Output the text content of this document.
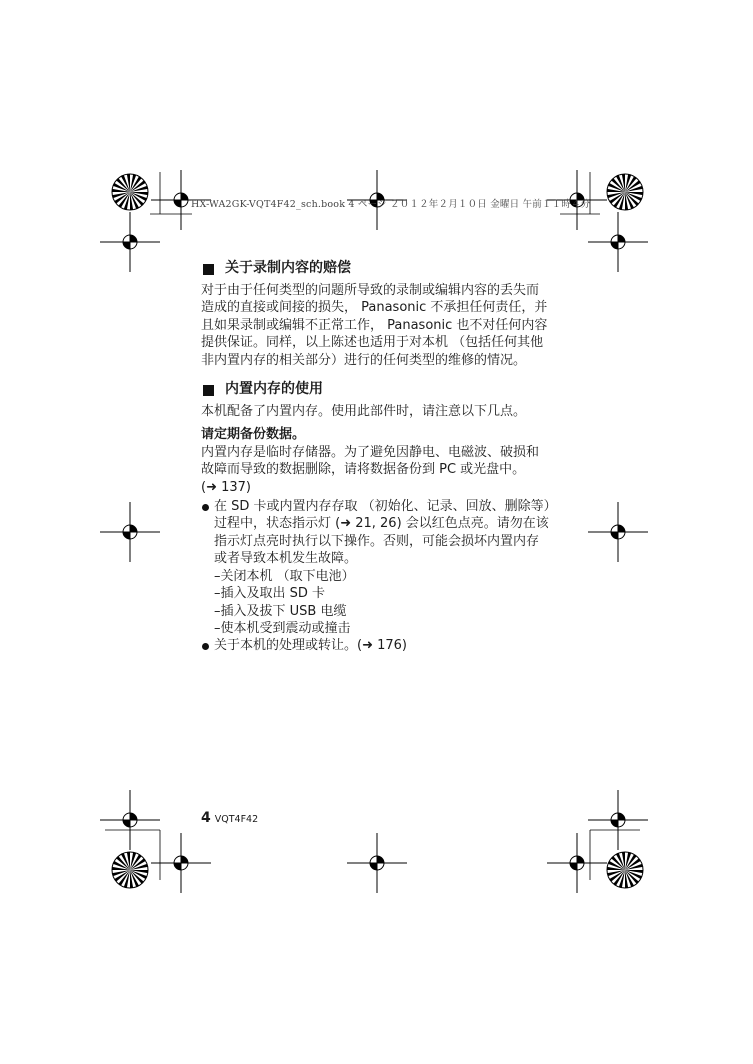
HX-WA2GK-VQT4F42_sch.book 4 ページ ２０１２年２月１０日 金曜日 午前１１時４分
关于录制内容的赔偿

对于由于任何类型的问题所导致的录制或编辑内容的丢失而

造成的直接或间接的损失， Panasonic 不承担任何责任，并

且如果录制或编辑不正常工作， Panasonic 也不对任何内容

提供保证。同样，以上陈述也适用于对本机 （包括任何其他

非内置内存的相关部分）进行的任何类型的维修的情况。

内置内存的使用

本机配备了内置内存。使用此部件时，请注意以下几点。

请定期备份数据。

内置内存是临时存储器。为了避免因静电、电磁波、破损和

故障而导致的数据删除，请将数据备份到 PC 或光盘中。

(➜ 137)

在 SD 卡或内置内存存取 （初始化、记录、回放、删除等）
过程中，状态指示灯 (➜ 21, 26) 会以红色点亮。请勿在该
指示灯点亮时执行以下操作。否则，可能会损坏内置内存
或者导致本机发生故障。
–关闭本机 （取下电池）
–插入及取出 SD 卡
–插入及拔下 USB 电缆
–使本机受到震动或撞击
关于本机的处理或转让。(➜ 176)
4 VQT4F42
